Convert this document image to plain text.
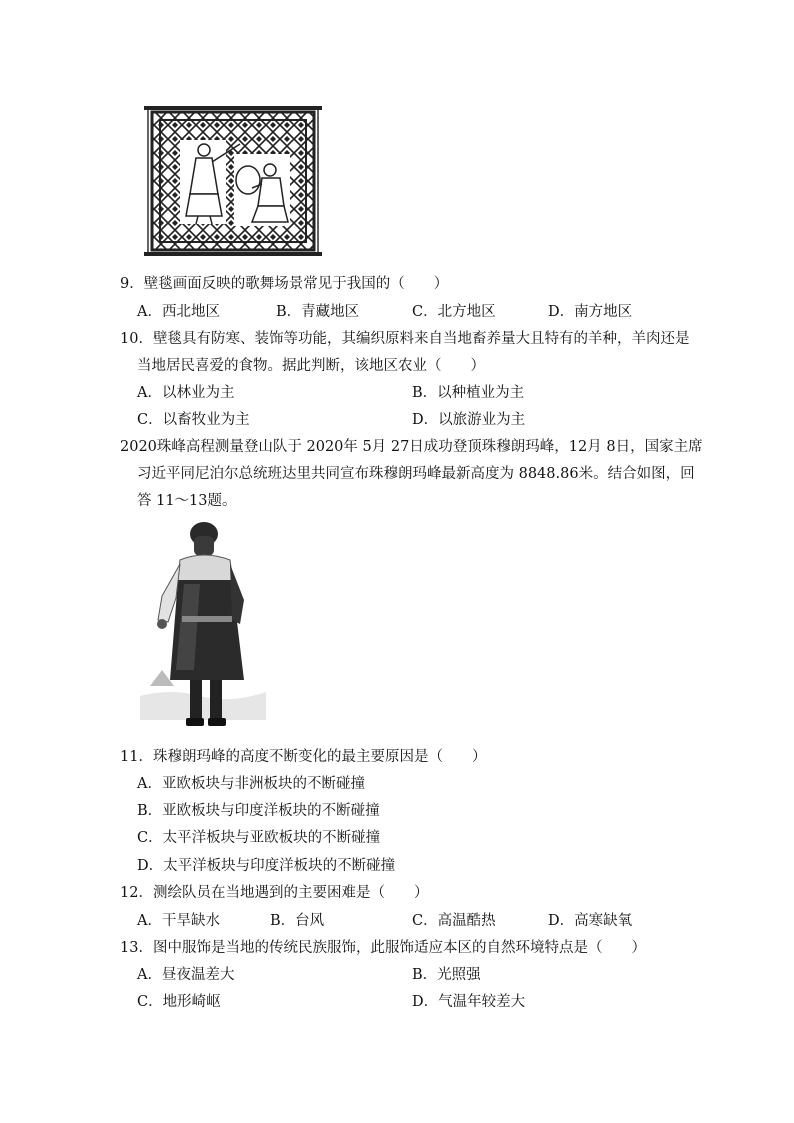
9．壁毯画面反映的歌舞场景常见于我国的（　　）
A．西北地区	B．青藏地区	C．北方地区	D．南方地区
10．壁毯具有防寒、装饰等功能，其编织原料来自当地畜养量大且特有的羊种，羊肉还是
当地居民喜爱的食物。据此判断，该地区农业（　　）
A．以林业为主	B．以种植业为主
C．以畜牧业为主	D．以旅游业为主
2020珠峰高程测量登山队于 2020年 5月 27日成功登顶珠穆朗玛峰，12月 8日，国家主席
习近平同尼泊尔总统班达里共同宣布珠穆朗玛峰最新高度为 8848.86米。结合如图，回
答 11～13题。
11．珠穆朗玛峰的高度不断变化的最主要原因是（　　）
A．亚欧板块与非洲板块的不断碰撞
B．亚欧板块与印度洋板块的不断碰撞
C．太平洋板块与亚欧板块的不断碰撞
D．太平洋板块与印度洋板块的不断碰撞
12．测绘队员在当地遇到的主要困难是（　　）
A．干旱缺水	B．台风	C．高温酷热	D．高寒缺氧
13．图中服饰是当地的传统民族服饰，此服饰适应本区的自然环境特点是（　　）
A．昼夜温差大	B．光照强
C．地形崎岖	D．气温年较差大
